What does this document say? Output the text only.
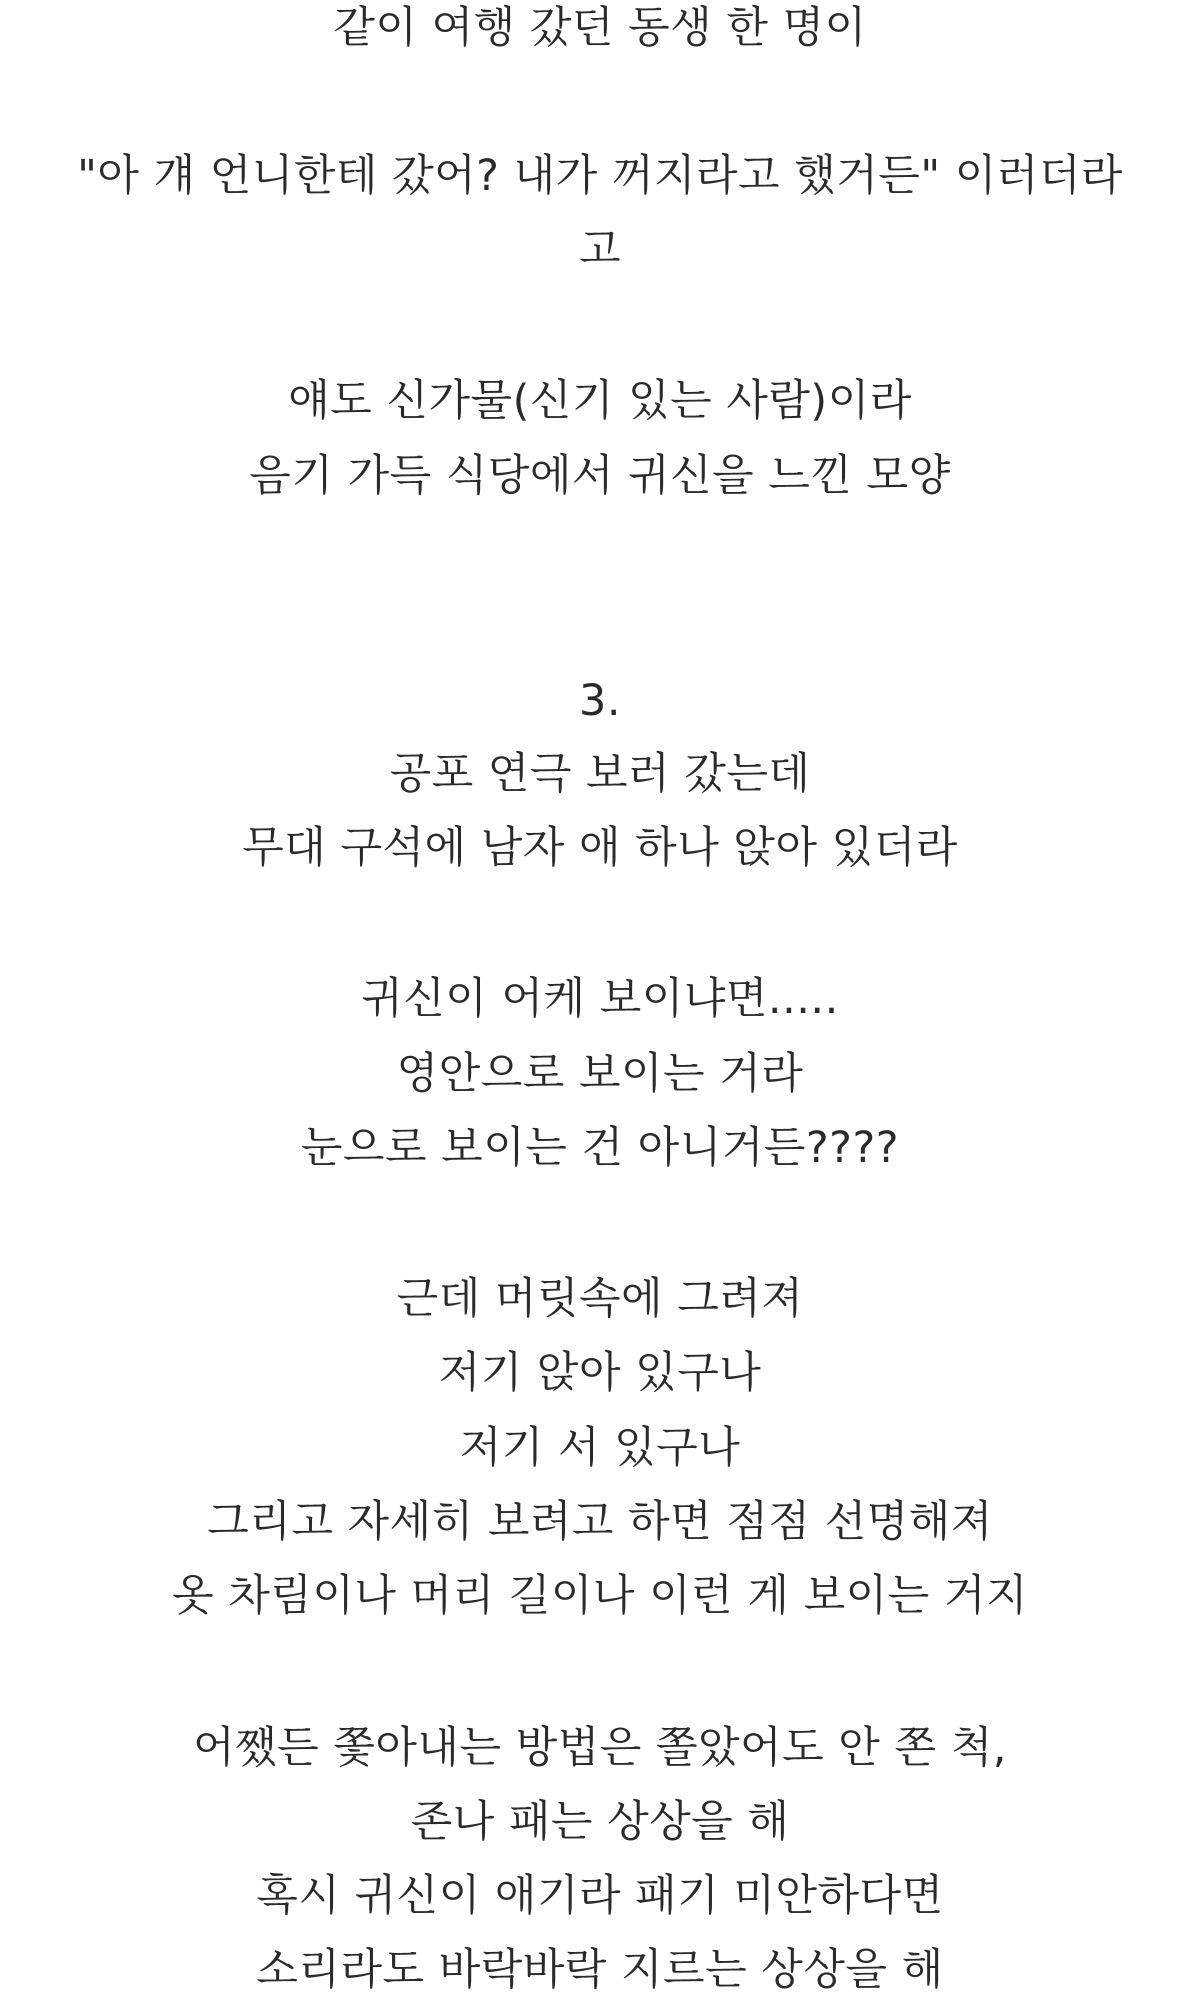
같이 여행 갔던 동생 한 명이
"아 걔 언니한테 갔어? 내가 꺼지라고 했거든" 이러더라
고
얘도 신가물(신기 있는 사람)이라
음기 가득 식당에서 귀신을 느낀 모양
3.
공포 연극 보러 갔는데
무대 구석에 남자 애 하나 앉아 있더라
귀신이 어케 보이냐면.....
영안으로 보이는 거라
눈으로 보이는 건 아니거든????
근데 머릿속에 그려져
저기 앉아 있구나
저기 서 있구나
그리고 자세히 보려고 하면 점점 선명해져
옷 차림이나 머리 길이나 이런 게 보이는 거지
어쨌든 쫓아내는 방법은 쫄았어도 안 쫀 척,
존나 패는 상상을 해
혹시 귀신이 애기라 패기 미안하다면
소리라도 바락바락 지르는 상상을 해
